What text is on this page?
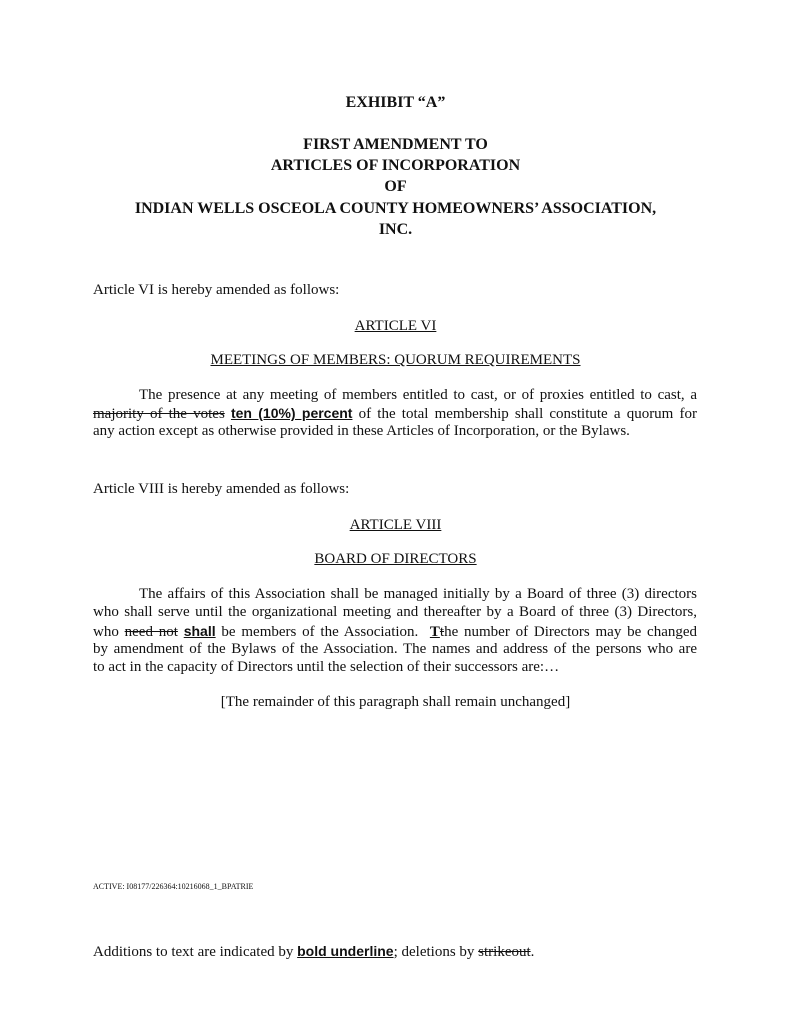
EXHIBIT “A”
FIRST AMENDMENT TO
ARTICLES OF INCORPORATION
OF
INDIAN WELLS OSCEOLA COUNTY HOMEOWNERS’ ASSOCIATION,
INC.
Article VI is hereby amended as follows:
ARTICLE VI
MEETINGS OF MEMBERS: QUORUM REQUIREMENTS
The presence at any meeting of members entitled to cast, or of proxies entitled to cast, a
majority of the votes ten (10%) percent of the total membership shall constitute a quorum for
any action except as otherwise provided in these Articles of Incorporation, or the Bylaws.
Article VIII is hereby amended as follows:
ARTICLE VIII
BOARD OF DIRECTORS
The affairs of this Association shall be managed initially by a Board of three (3) directors
who shall serve until the organizational meeting and thereafter by a Board of three (3) Directors,
who need not shall be members of the Association. Tthe number of Directors may be changed
by amendment of the Bylaws of the Association. The names and address of the persons who are
to act in the capacity of Directors until the selection of their successors are:…
[The remainder of this paragraph shall remain unchanged]
ACTIVE: I08177/226364:10216068_1_BPATRIE
Additions to text are indicated by bold underline; deletions by strikeout.
